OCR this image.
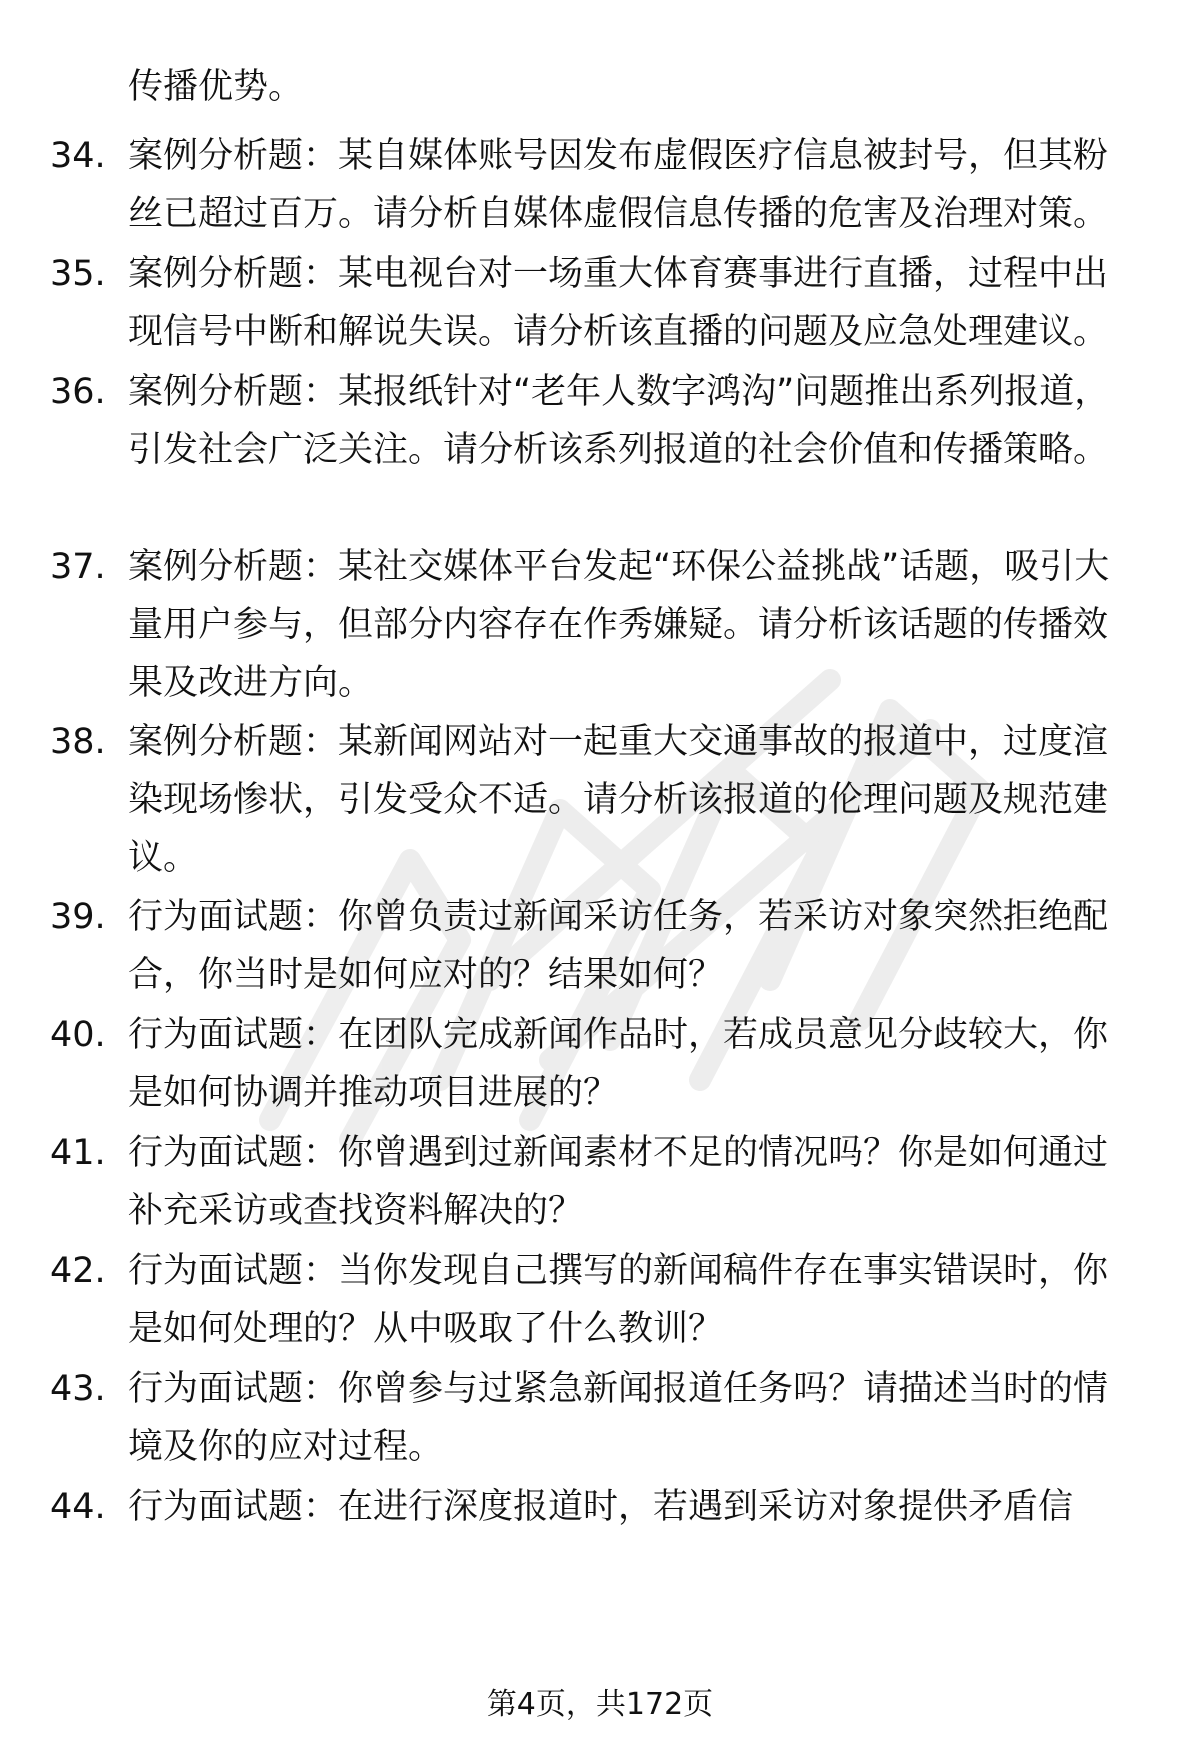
传播优势。
34. 案例分析题：某自媒体账号因发布虚假医疗信息被封号，但其粉丝已超过百万。请分析自媒体虚假信息传播的危害及治理对策。
35. 案例分析题：某电视台对一场重大体育赛事进行直播，过程中出现信号中断和解说失误。请分析该直播的问题及应急处理建议。
36. 案例分析题：某报纸针对“老年人数字鸿沟”问题推出系列报道，引发社会广泛关注。请分析该系列报道的社会价值和传播策略。
37. 案例分析题：某社交媒体平台发起“环保公益挑战”话题，吸引大量用户参与，但部分内容存在作秀嫌疑。请分析该话题的传播效果及改进方向。
38. 案例分析题：某新闻网站对一起重大交通事故的报道中，过度渲染现场惨状，引发受众不适。请分析该报道的伦理问题及规范建议。
39. 行为面试题：你曾负责过新闻采访任务，若采访对象突然拒绝配合，你当时是如何应对的？结果如何？
40. 行为面试题：在团队完成新闻作品时，若成员意见分歧较大，你是如何协调并推动项目进展的？
41. 行为面试题：你曾遇到过新闻素材不足的情况吗？你是如何通过补充采访或查找资料解决的？
42. 行为面试题：当你发现自己撰写的新闻稿件存在事实错误时，你是如何处理的？从中吸取了什么教训？
43. 行为面试题：你曾参与过紧急新闻报道任务吗？请描述当时的情境及你的应对过程。
44. 行为面试题：在进行深度报道时，若遇到采访对象提供矛盾信
第4页，共172页
